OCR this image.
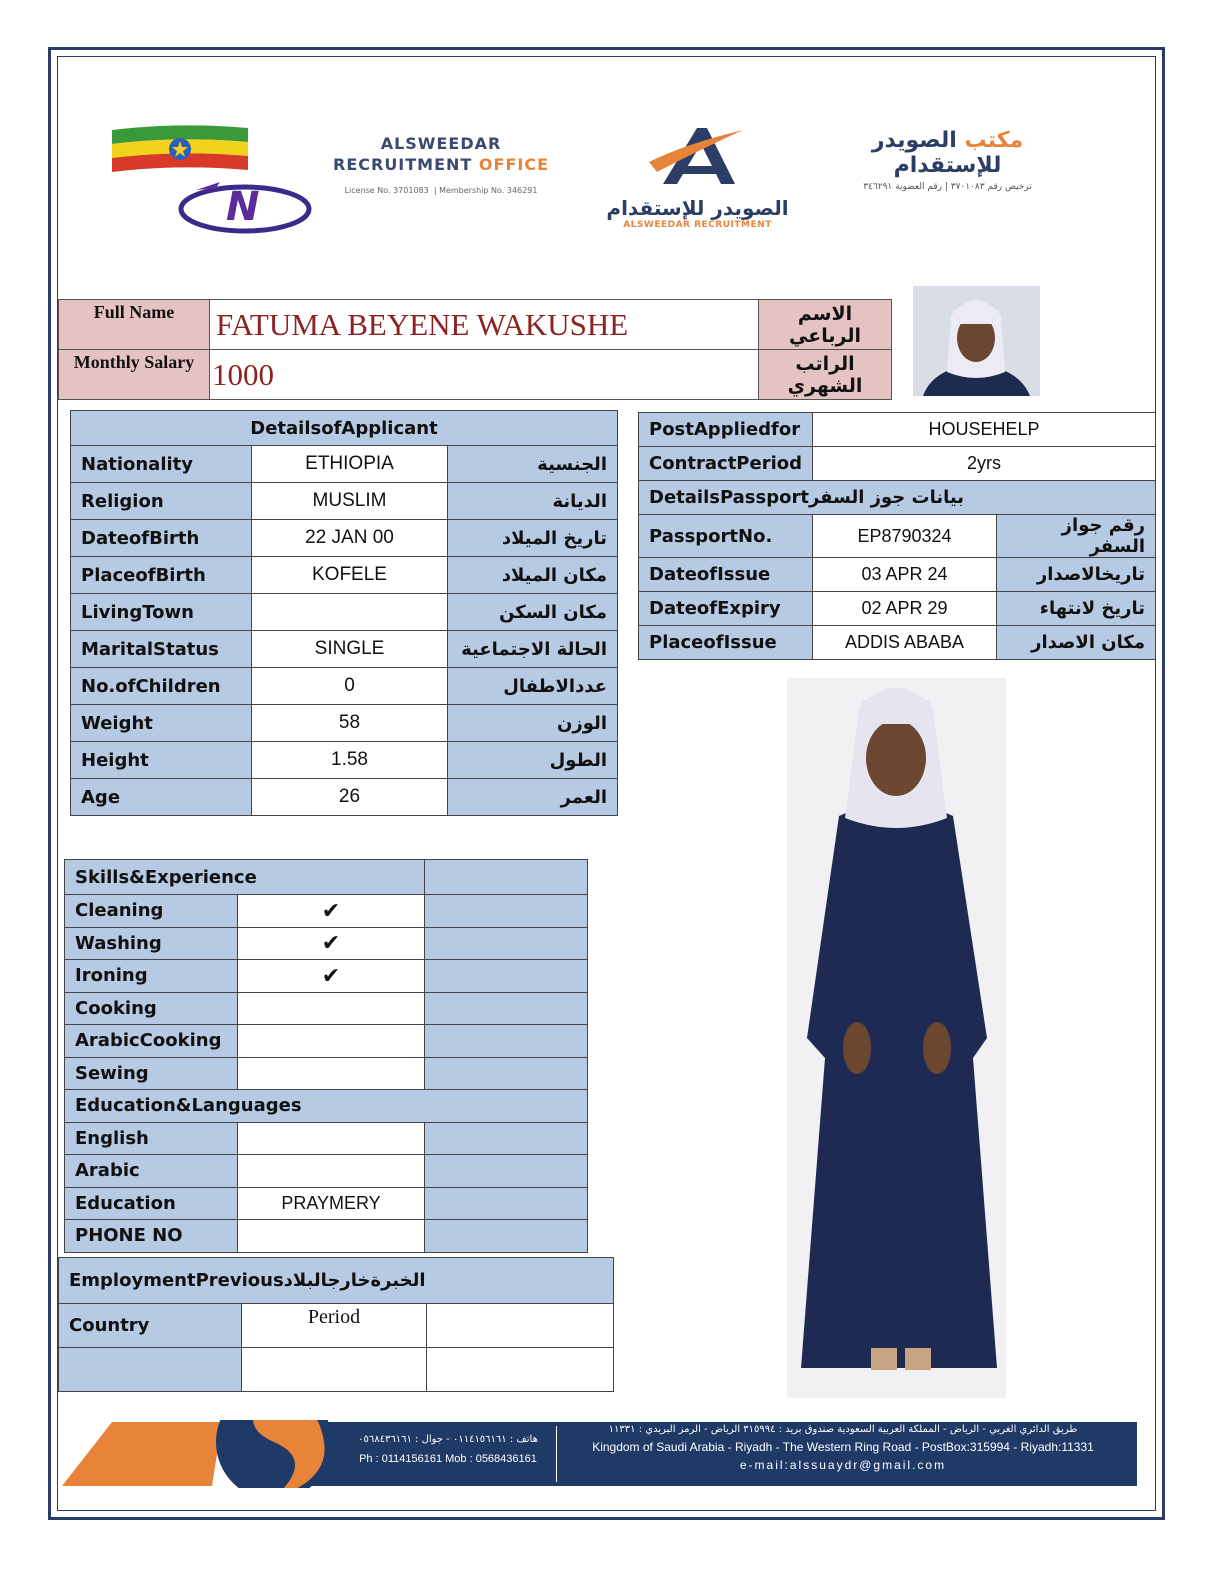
N
ALSWEEDAR
RECRUITMENT OFFICE
License No. 3701083 | Membership No. 346291
الصويدر للإستقدام
ALSWEEDAR RECRUITMENT
مكتب الصويدر للإستقدام
ترخيص رقم ٣٧٠١٠٨٣ | رقم العضوية ٣٤٦٢٩١
Full Name	FATUMA BEYENE WAKUSHE	الاسم الرباعي
Monthly Salary	1000	الراتب الشهري
DetailsofApplicant		
Nationality	ETHIOPIA	الجنسية
Religion	MUSLIM	الديانة
DateofBirth	22 JAN 00	تاريخ الميلاد
PlaceofBirth	KOFELE	مكان الميلاد
LivingTown		مكان السكن
MaritalStatus	SINGLE	الحالة الاجتماعية
No.ofChildren	0	عددالاطفال
Weight	58	الوزن
Height	1.58	الطول
Age	26	العمر
PostAppliedfor	HOUSEHELP	
ContractPeriod	2yrs	
DetailsPassportبيانات جوز السفر		
PassportNo.	EP8790324	رقم جواز السفر
DateofIssue	03 APR 24	تاريخالاصدار
DateofExpiry	02 APR 29	تاريخ لانتهاء
PlaceofIssue	ADDIS ABABA	مكان الاصدار
Skills&Experience		
Cleaning	✔	
Washing	✔	
Ironing	✔	
Cooking		
ArabicCooking		
Sewing		
Education&Languages		
English		
Arabic		
Education	PRAYMERY	
PHONE NO		
EmploymentPreviousالخبرةخارجالبلاد		
Country	Period	

هاتف : ٠١١٤١٥٦١٦١ - جوال : ٠٥٦٨٤٣٦١٦١
Ph : 0114156161 Mob : 0568436161
طريق الدائري الغربي - الرياض - المملكة العربية السعودية صندوق بريد : ٣١٥٩٩٤ الرياض - الرمز البريدي : ١١٣٣١
Kingdom of Saudi Arabia - Riyadh - The Western Ring Road - PostBox:315994 - Riyadh:11331
e-mail:alssuaydr@gmail.com
